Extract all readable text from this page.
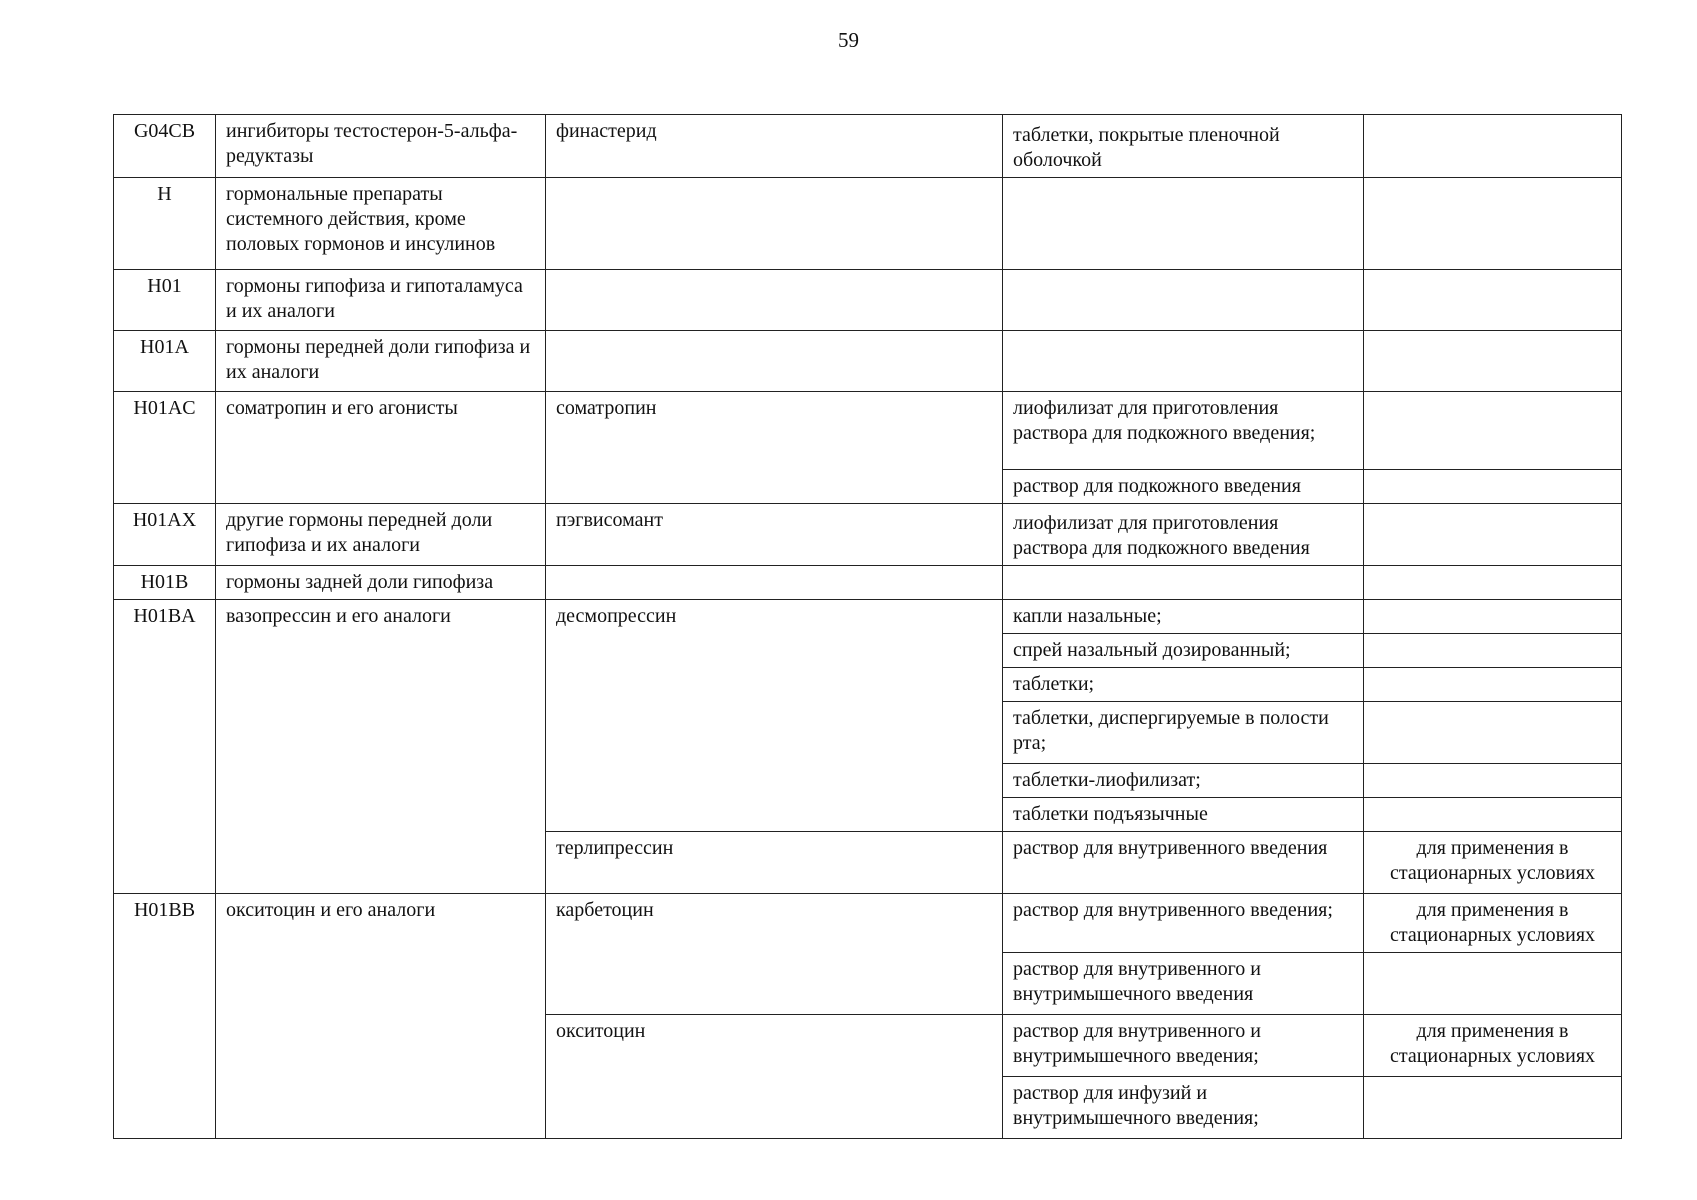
59
G04CB	ингибиторы тестостерон-5-альфа-редуктазы	финастерид	таблетки, покрытые пленочной оболочкой	
H	гормональные препараты системного действия, кроме половых гормонов и инсулинов			
H01	гормоны гипофиза и гипоталамуса и их аналоги			
H01A	гормоны передней доли гипофиза и их аналоги			
H01AC	соматропин и его агонисты	соматропин	лиофилизат для приготовления раствора для подкожного введения;	
			раствор для подкожного введения	
H01AX	другие гормоны передней доли гипофиза и их аналоги	пэгвисомант	лиофилизат для приготовления раствора для подкожного введения	
H01B	гормоны задней доли гипофиза			
H01BA	вазопрессин и его аналоги	десмопрессин	капли назальные;	
			спрей назальный дозированный;	
			таблетки;	
			таблетки, диспергируемые в полости рта;	
			таблетки-лиофилизат;	
			таблетки подъязычные	
		терлипрессин	раствор для внутривенного введения	для применения в стационарных условиях
H01BB	окситоцин и его аналоги	карбетоцин	раствор для внутривенного введения;	для применения в стационарных условиях
			раствор для внутривенного и внутримышечного введения	
		окситоцин	раствор для внутривенного и внутримышечного введения;	для применения в стационарных условиях
			раствор для инфузий и внутримышечного введения;	
